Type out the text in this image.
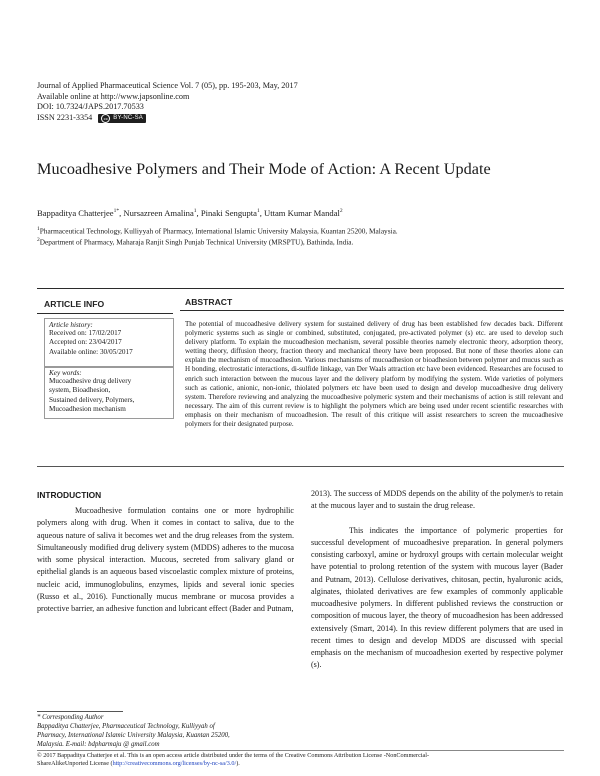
Journal of Applied Pharmaceutical Science Vol. 7 (05), pp. 195-203, May, 2017
Available online at http://www.japsonline.com
DOI: 10.7324/JAPS.2017.70533
ISSN 2231-3354	cc BY-NC-SA
Mucoadhesive Polymers and Their Mode of Action: A Recent Update
Bappaditya Chatterjee$^{1*}$, Nursazreen Amalina$^1$, Pinaki Sengupta$^1$, Uttam Kumar Mandal$^2$
$^1$Pharmaceutical Technology, Kulliyyah of Pharmacy, International Islamic University Malaysia, Kuantan 25200, Malaysia.
$^2$Department of Pharmacy, Maharaja Ranjit Singh Punjab Technical University (MRSPTU), Bathinda, India.
ARTICLE INFO	ABSTRACT
Article history:
Received on: 17/02/2017
Accepted on: 23/04/2017
Available online: 30/05/2017
Key words:
Mucoadhesive drug delivery
system, Bioadhesion,
Sustained delivery, Polymers,
Mucoadhesion mechanism
The potential of mucoadhesive delivery system for sustained delivery of drug has been established few decades back. Different polymeric systems such as single or combined, substituted, conjugated, pre-activated polymer (s) etc. are used to develop such delivery platform. To explain the mucoadhesion mechanism, several possible theories namely electronic theory, adsorption theory, wetting theory, diffusion theory, fraction theory and mechanical theory have been proposed. But none of these theories alone can explain the mechanism of mucoadhesion. Various mechanisms of mucoadhesion or bioadhesion between polymer and mucus such as H bonding, electrostatic interactions, di-sulfide linkage, van Der Waals attraction etc have been evidenced. Researches are focused to enrich such interaction between the mucous layer and the delivery platform by modifying the system. Wide varieties of polymers such as cationic, anionic, non-ionic, thiolated polymers etc have been used to design and develop mucoadhesive drug delivery system. Therefore reviewing and analyzing the mucoadhesive polymeric system and their mechanisms of action is still relevant and necessary. The aim of this current review is to highlight the polymers which are being used under recent scientific researches with emphasis on their mechanism of mucoadhesion. The result of this critique will assist researchers to screen the mucoadhesive polymers for their designated purpose.
INTRODUCTION

Mucoadhesive formulation contains one or more hydrophilic polymers along with drug. When it comes in contact to saliva, due to the aqueous nature of saliva it becomes wet and the drug releases from the system. Simultaneously modified drug delivery system (MDDS) adheres to the mucosa with some physical interaction. Mucous, secreted from salivary gland or epithelial glands is an aqueous based viscoelastic complex mixture of proteins, nucleic acid, immunoglobulins, enzymes, lipids and several ionic species (Russo et al., 2016). Functionally mucus membrane or mucosa provides a protective barrier, an adhesive function and lubricant effect (Bader and Putnam,

2013). The success of MDDS depends on the ability of the polymer/s to retain at the mucous layer and to sustain the drug release.

This indicates the importance of polymeric properties for successful development of mucoadhesive preparation. In general polymers consisting carboxyl, amine or hydroxyl groups with certain molecular weight have potential to prolong retention of the system with mucous layer (Bader and Putnam, 2013). Cellulose derivatives, chitosan, pectin, hyaluronic acids, alginates, thiolated derivatives are few examples of commonly applicable mucoadhesive polymers. In different published reviews the construction or composition of mucous layer, the theory of mucoadhesion has been addressed extensively (Smart, 2014). In this review different polymers that are used in recent times to design and develop MDDS are discussed with special emphasis on the mechanism of mucoadhesion exerted by respective polymer (s).

* Corresponding Author
Bappaditya Chatterjee, Pharmaceutical Technology, Kulliyyah of
Pharmacy, International Islamic University Malaysia, Kuantan 25200,
Malaysia. E-mail: bdpharmaju @ gmail.com
© 2017 Bappaditya Chatterjee et al. This is an open access article distributed under the terms of the Creative Commons Attribution License -NonCommercial-
ShareAlikeUnported License (http://creativecommons.org/licenses/by-nc-sa/3.0/).
